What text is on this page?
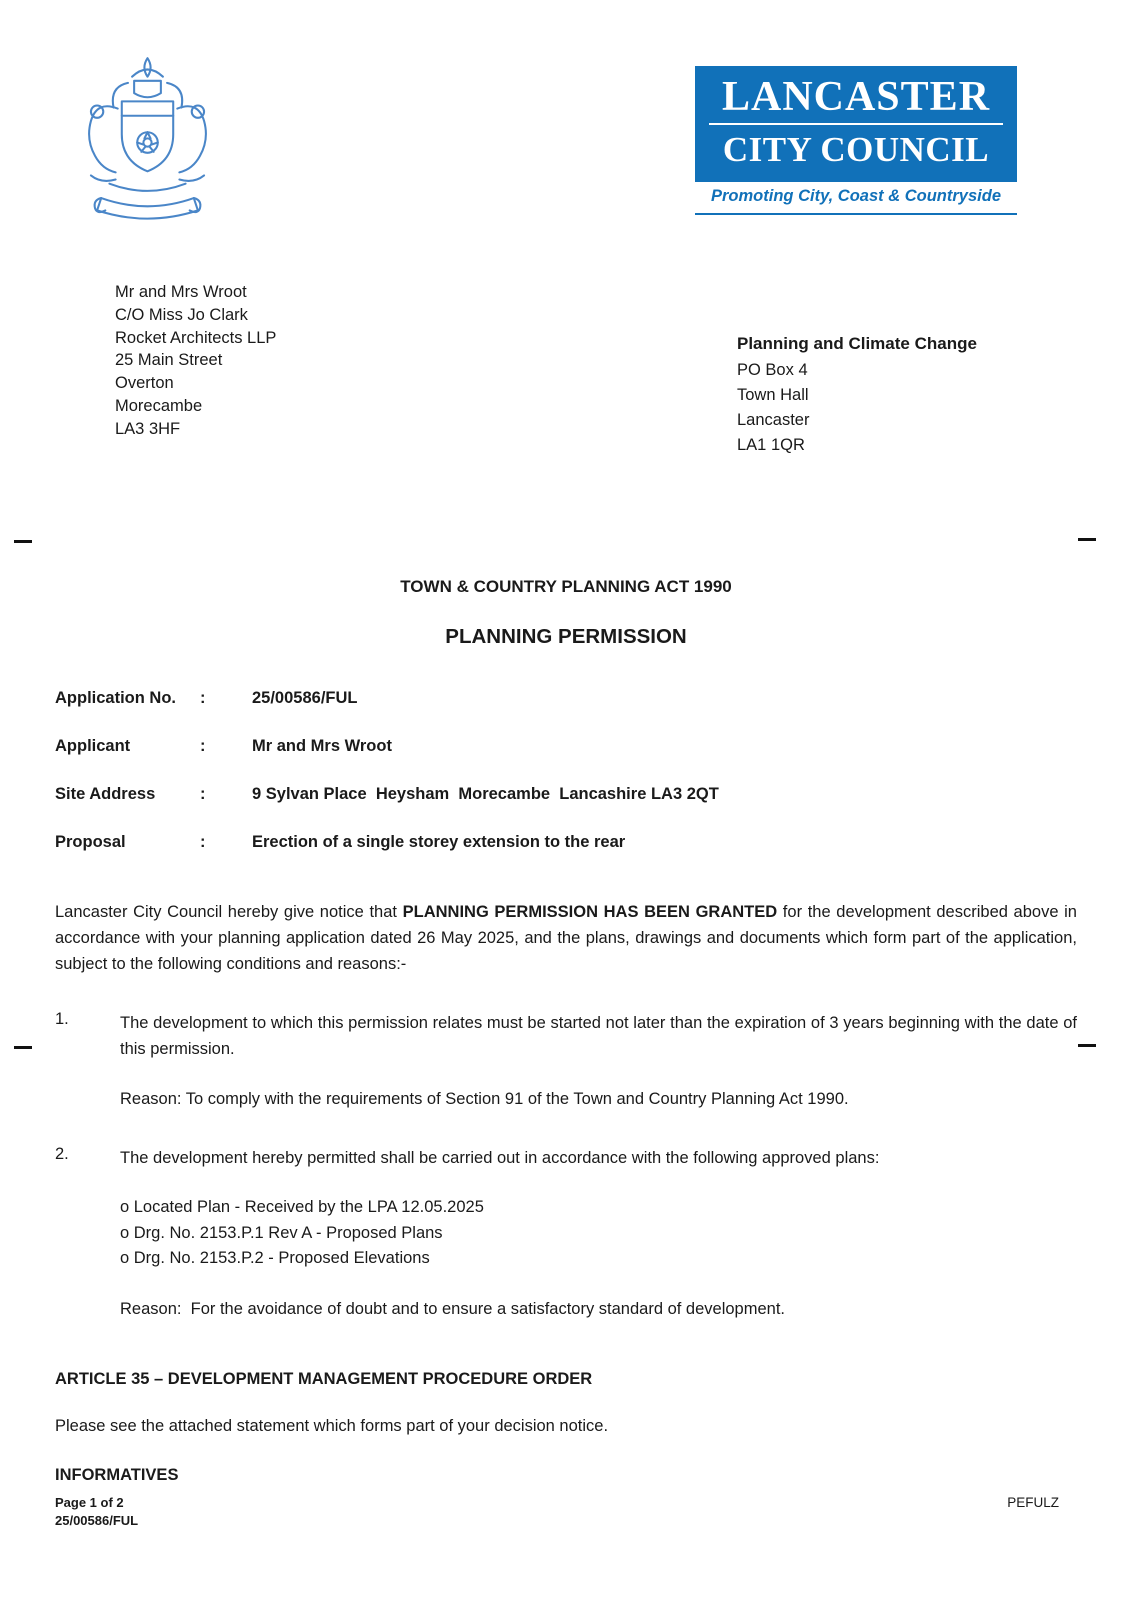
LANCASTER
CITY COUNCIL
Promoting City, Coast & Countryside
Mr and Mrs Wroot
C/O Miss Jo Clark
Rocket Architects LLP
25 Main Street
Overton
Morecambe
LA3 3HF
Planning and Climate Change
PO Box 4
Town Hall
Lancaster
LA1 1QR
TOWN & COUNTRY PLANNING ACT 1990
PLANNING PERMISSION
Application No.	:	25/00586/FUL
Applicant	:	Mr and Mrs Wroot
Site Address	:	9 Sylvan Place  Heysham  Morecambe  Lancashire LA3 2QT
Proposal	:	Erection of a single storey extension to the rear
Lancaster City Council hereby give notice that PLANNING PERMISSION HAS BEEN GRANTED for the development described above in accordance with your planning application dated 26 May 2025, and the plans, drawings and documents which form part of the application, subject to the following conditions and reasons:-
1.	The development to which this permission relates must be started not later than the expiration of 3 years beginning with the date of this permission.
Reason: To comply with the requirements of Section 91 of the Town and Country Planning Act 1990.
2.	The development hereby permitted shall be carried out in accordance with the following approved plans:
o Located Plan - Received by the LPA 12.05.2025
o Drg. No. 2153.P.1 Rev A - Proposed Plans
o Drg. No. 2153.P.2 - Proposed Elevations
Reason:  For the avoidance of doubt and to ensure a satisfactory standard of development.
ARTICLE 35 – DEVELOPMENT MANAGEMENT PROCEDURE ORDER
Please see the attached statement which forms part of your decision notice.
INFORMATIVES
Page 1 of 2
25/00586/FUL
PEFULZ
